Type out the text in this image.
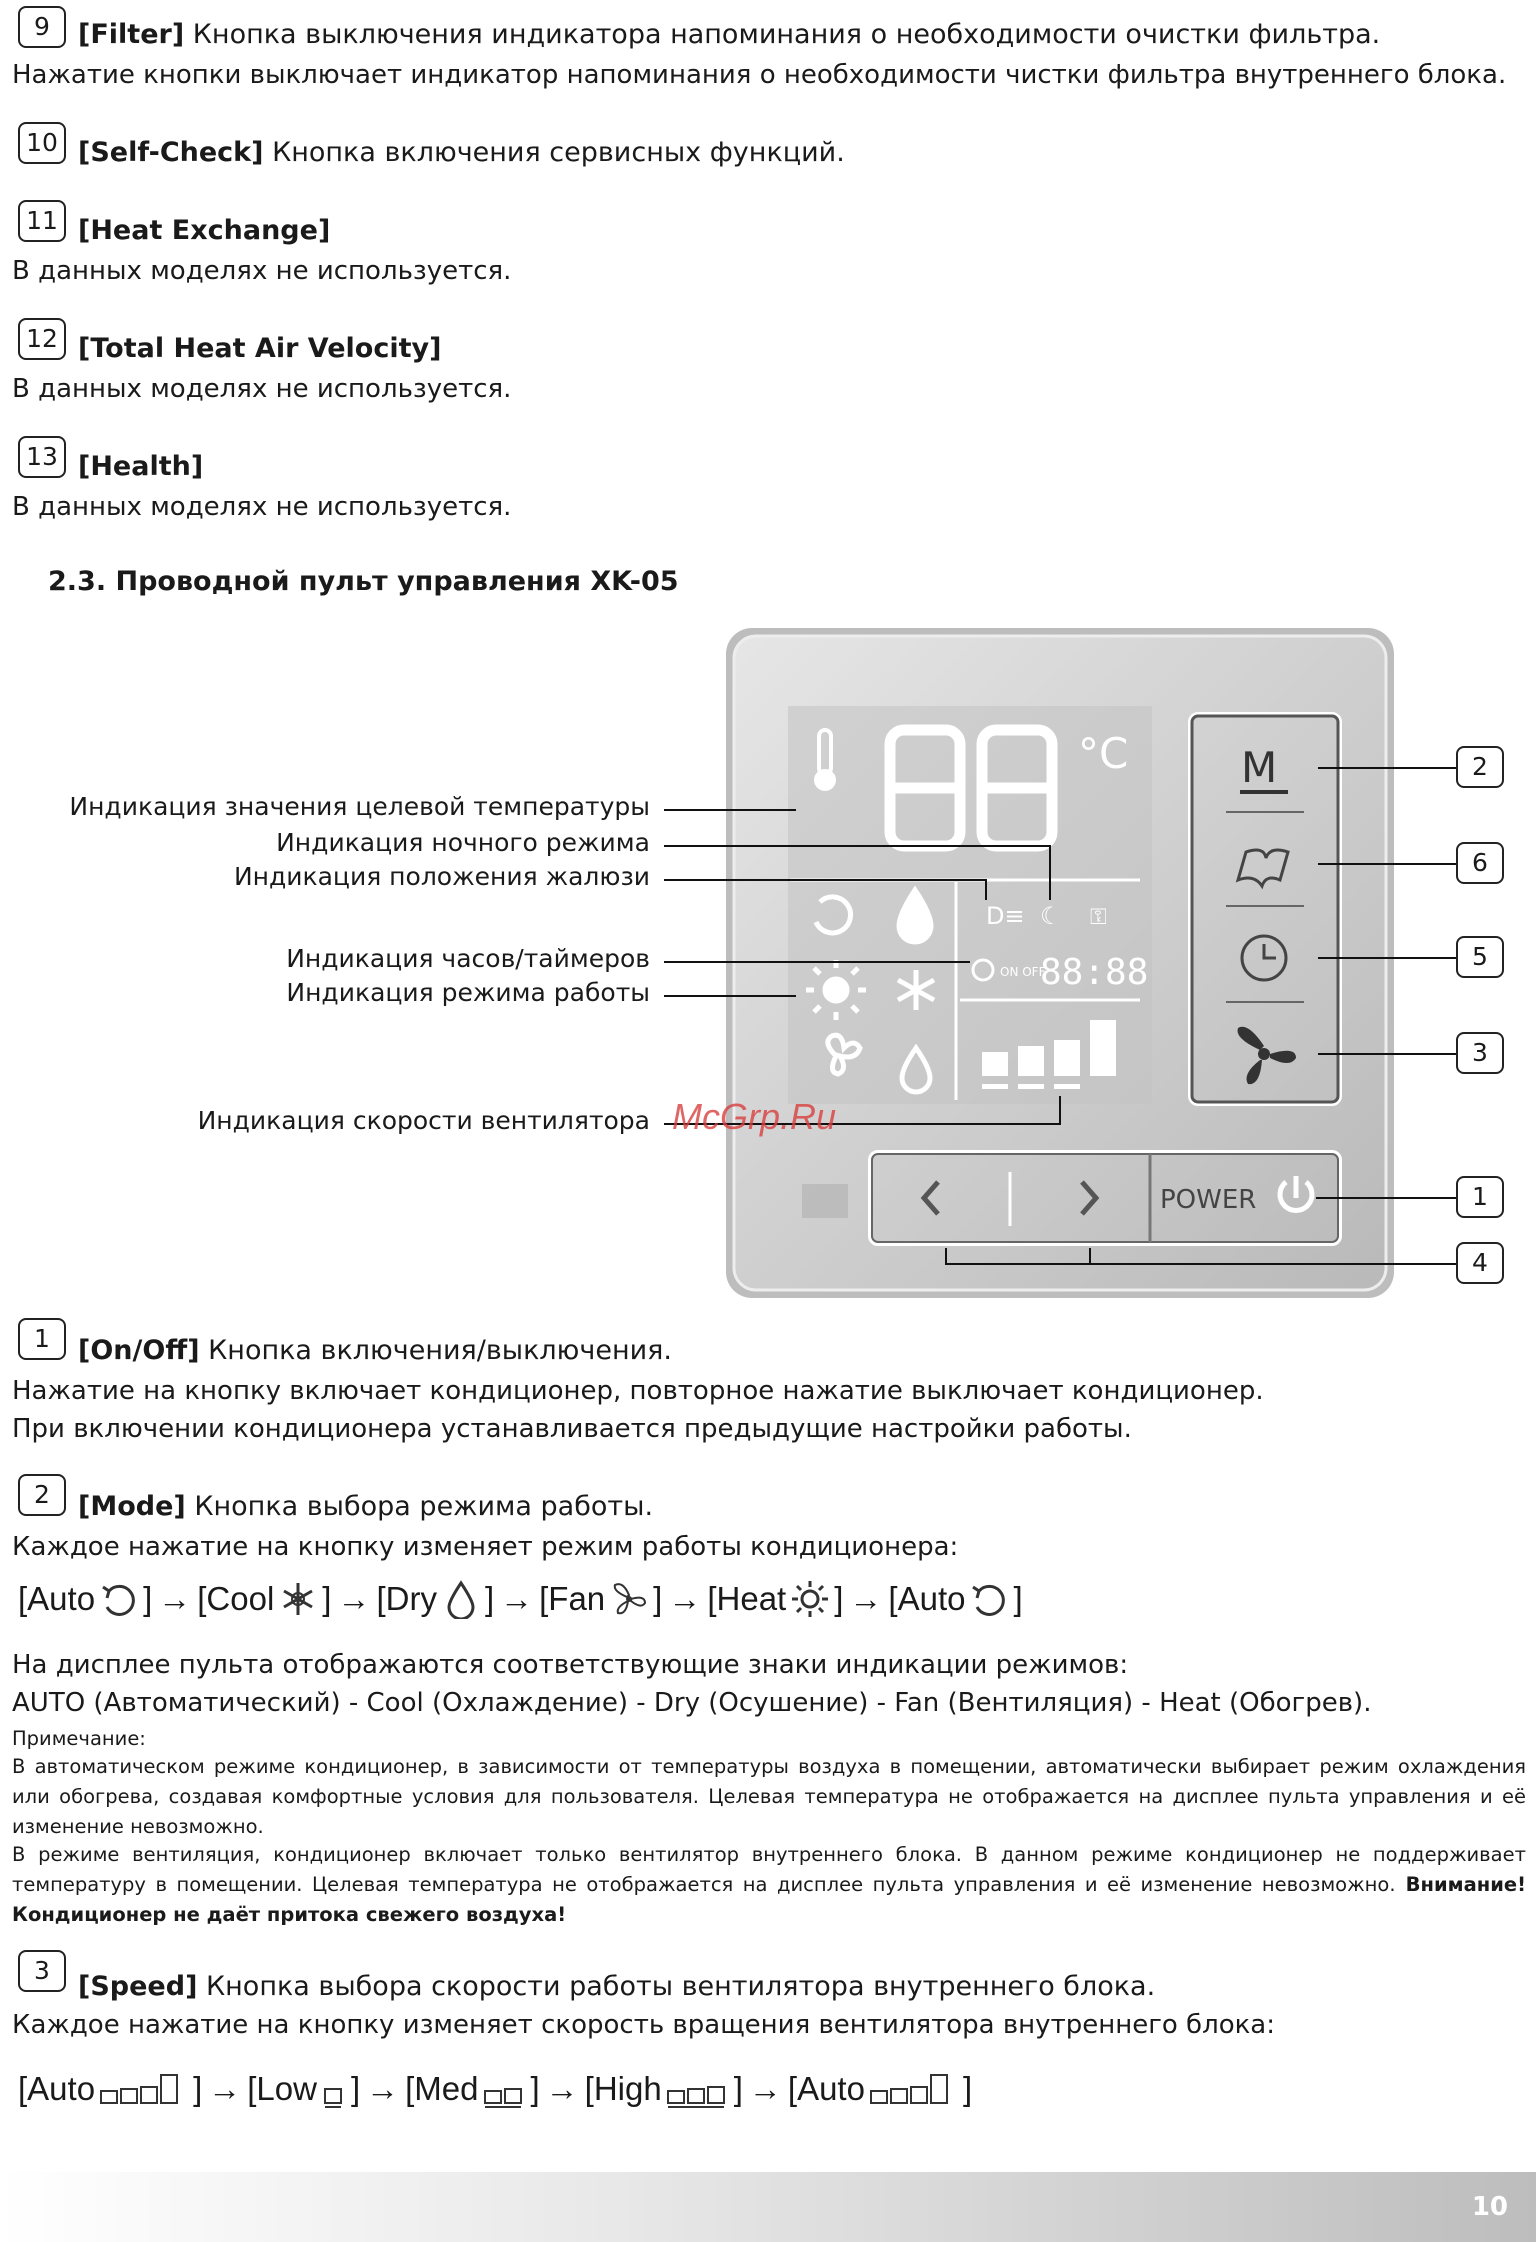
9	[Filter] Кнопка выключения индикатора напоминания о необходимости очистки фильтра.
Нажатие кнопки выключает индикатор напоминания о необходимости чистки фильтра внутреннего блока.
10 [Self-Check] Кнопка включения сервисных функций.
11 [Heat Exchange]
В данных моделях не используется.
12 [Total Heat Air Velocity]
В данных моделях не используется.
13 [Health]
В данных моделях не используется.
2.3. Проводной пульт управления XK-05
Индикация значения целевой температуры
Индикация ночного режима
Индикация положения жалюзи
Индикация часов/таймеров
Индикация режима работы
Индикация скорости вентилятора
°C
D≡ ☾ ⚿
ON OFF
88:88
M
POWER
2
6
5
3
1
4
McGrp.Ru
1	[On/Off] Кнопка включения/выключения.
Нажатие на кнопку включает кондиционер, повторное нажатие выключает кондиционер.
При включении кондиционера устанавливается предыдущие настройки работы.
2	[Mode] Кнопка выбора режима работы.
Каждое нажатие на кнопку изменяет режим работы кондиционера:
[ Auto ] → [ Cool ] → [ Dry ] → [ Fan ] → [ Heat ] → [ Auto ]
На дисплее пульта отображаются соответствующие знаки индикации режимов:
AUTO (Автоматический) - Cool (Охлаждение) - Dry (Осушение) - Fan (Вентиляция) - Heat (Обогрев).
Примечание:
В автоматическом режиме кондиционер, в зависимости от температуры воздуха в помещении, автоматически выбирает режим охлаждения или обогрева, создавая комфортные условия для пользователя. Целевая температура не отображается на дисплее пульта управления и её изменение невозможно.
В режиме вентиляция, кондиционер включает только вентилятор внутреннего блока. В данном режиме кондиционер не поддерживает температуру в помещении. Целевая температура не отображается на дисплее пульта управления и её изменение невозможно. Внимание! Кондиционер не даёт притока свежего воздуха!
3
[Speed] Кнопка выбора скорости работы вентилятора внутреннего блока.
Каждое нажатие на кнопку изменяет скорость вращения вентилятора внутреннего блока:
[ Auto	] → [ Low ] → [ Med ] → [ High ] → [ Auto	]
10
